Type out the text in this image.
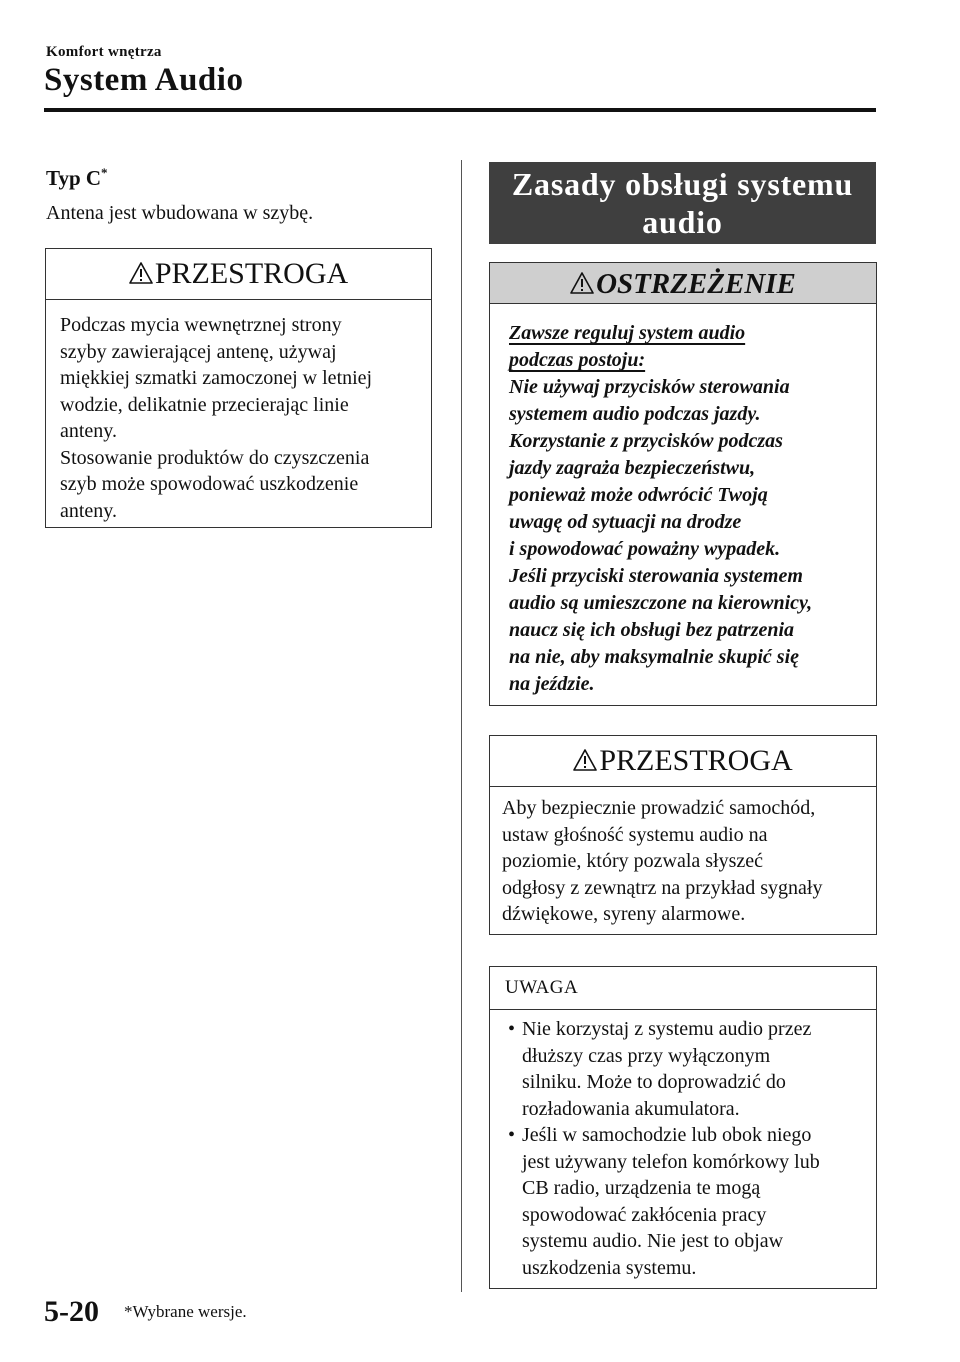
Komfort wnętrza
System Audio
Typ C*
Antena jest wbudowana w szybę.
PRZESTROGA
Podczas mycia wewnętrznej strony
szyby zawierającej antenę, używaj
miękkiej szmatki zamoczonej w letniej
wodzie, delikatnie przecierając linie
anteny.
Stosowanie produktów do czyszczenia
szyb może spowodować uszkodzenie
anteny.
Zasady obsługi systemu
audio
OSTRZEŻENIE
Zawsze reguluj system audio
podczas postoju:
Nie używaj przycisków sterowania
systemem audio podczas jazdy.
Korzystanie z przycisków podczas
jazdy zagraża bezpieczeństwu,
ponieważ może odwrócić Twoją
uwagę od sytuacji na drodze
i spowodować poważny wypadek.
Jeśli przyciski sterowania systemem
audio są umieszczone na kierownicy,
naucz się ich obsługi bez patrzenia
na nie, aby maksymalnie skupić się
na jeździe.
PRZESTROGA
Aby bezpiecznie prowadzić samochód,
ustaw głośność systemu audio na
poziomie, który pozwala słyszeć
odgłosy z zewnątrz na przykład sygnały
dźwiękowe, syreny alarmowe.
UWAGA
• Nie korzystaj z systemu audio przez
dłuższy czas przy wyłączonym
silniku. Może to doprowadzić do
rozładowania akumulatora.
• Jeśli w samochodzie lub obok niego
jest używany telefon komórkowy lub
CB radio, urządzenia te mogą
spowodować zakłócenia pracy
systemu audio. Nie jest to objaw
uszkodzenia systemu.
5-20 *Wybrane wersje.
